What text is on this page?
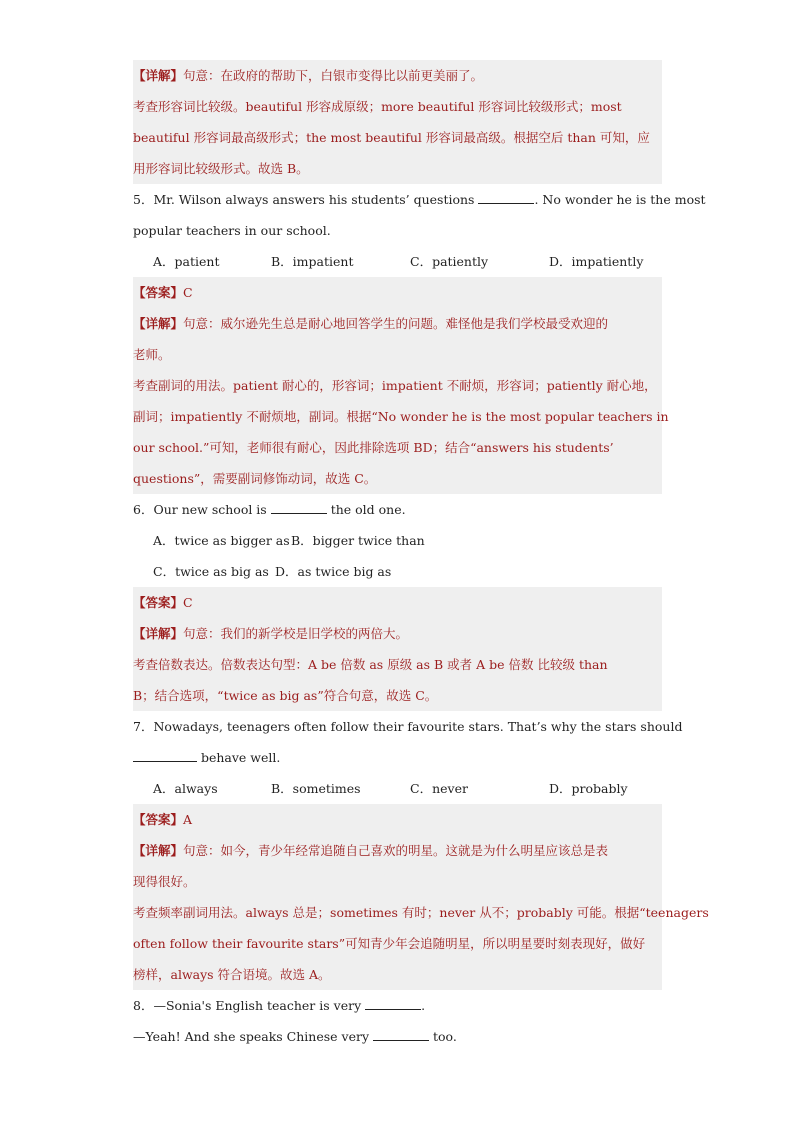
【详解】句意：在政府的帮助下，白银市变得比以前更美丽了。
考查形容词比较级。beautiful 形容成原级；more beautiful 形容词比较级形式；most
beautiful 形容词最高级形式；the most beautiful 形容词最高级。根据空后 than 可知，应
用形容词比较级形式。故选 B。
5．Mr. Wilson always answers his students’ questions	. No wonder he is the most
popular teachers in our school.
A．patient	B．impatient	C．patiently	D．impatiently
【答案】C
【详解】句意：威尔逊先生总是耐心地回答学生的问题。难怪他是我们学校最受欢迎的
老师。
考查副词的用法。patient 耐心的，形容词；impatient 不耐烦，形容词；patiently 耐心地，
副词；impatiently 不耐烦地，副词。根据“No wonder he is the most popular teachers in
our school.”可知，老师很有耐心，因此排除选项 BD；结合“answers his students’
questions”，需要副词修饰动词，故选 C。
6．Our new school is	the old one.
A．twice as bigger asB．bigger twice than
C．twice as big as D．as twice big as
【答案】C
【详解】句意：我们的新学校是旧学校的两倍大。
考查倍数表达。倍数表达句型：A be 倍数 as 原级 as B 或者 A be 倍数 比较级 than
B；结合选项，“twice as big as”符合句意，故选 C。
7．Nowadays, teenagers often follow their favourite stars. That’s why the stars should
behave well.
A．always	B．sometimes	C．never	D．probably
【答案】A
【详解】句意：如今，青少年经常追随自己喜欢的明星。这就是为什么明星应该总是表
现得很好。
考查频率副词用法。always 总是；sometimes 有时；never 从不；probably 可能。根据“teenagers
often follow their favourite stars”可知青少年会追随明星，所以明星要时刻表现好，做好
榜样，always 符合语境。故选 A。
8．—Sonia's English teacher is very	.
—Yeah! And she speaks Chinese very	too.
